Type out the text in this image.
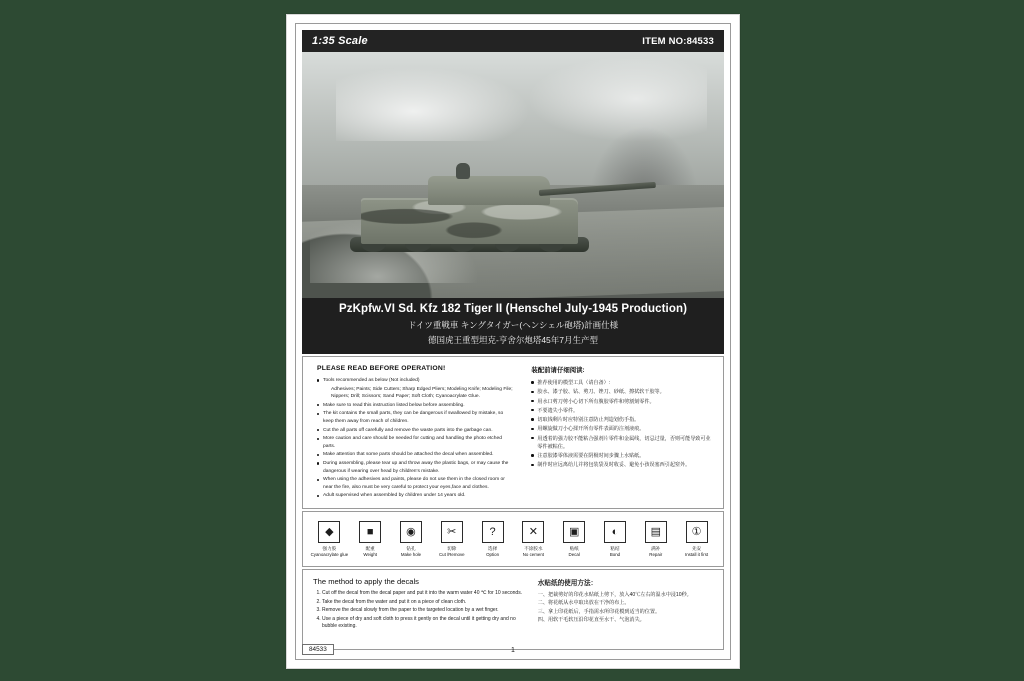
1:35 Scale	ITEM NO:84533
PzKpfw.VI Sd. Kfz 182 Tiger II (Henschel July-1945 Production)
ドイツ重戦車 キングタイガー(ヘンシェル砲塔)計画仕様
德国虎王重型坦克-亨舍尔炮塔45年7月生产型
PLEASE READ BEFORE OPERATION!
Tools recommended as below (Not included)
Adhesives; Paints; Side Cutters; Sharp Edged Pliers; Modeling Knife; Modeling File; Nippers; Drill; Scissors; Sand Paper; Soft Cloth; Cyanoacrylate Glue.
Make sure to read this instruction listed below before assembling.
The kit contains the small parts, they can be dangerous if swallowed by mistake, so keep them away from reach of children.
Cut the all parts off carefully and remove the waste parts into the garbage can.
More caution and care should be needed for cutting and handling the photo etched parts.
Make attention that some parts should be attached the decal when assembled.
During assembling, please tear up and throw away the plastic bags, or may cause the dangerous if wearing over head by children's mistake.
When using the adhesives and paints, please do not use them in the closed room or near the fire, also must be very careful to protect your eyes,face and clothes.
Adult supervised when assembled by children under 14 years old.

装配前请仔细阅读:

推荐使用的模型工具（请自备）:
胶水、漆子胶、钻、剪刀、锉刀、砂纸、擦拭软干胶等。
用水口剪刀剪小心切下所有腹胶零件和剪割刻零件。
不要遗失小零件。
切取钱剩片时应特别注意防止判造划伤手指。
用螺旋做刀小心揉开所有零件表面的注剂液痕。
用透着的强力胶不能粘合强剂片零件和金属线，切忌过量，否则可能导致可业零件被粘住。
注意胶漆零体液需要在阴极时间步骤上水贴纸。
制作时应远离给儿并将包装袋及时收妥、避免小孩误塞西引起窒外。
◆
强力胶
Cyanoacrylate glue
■
配重
Weight
◉
钻孔
Make hole
✂
切除
Cut /Remove
?
选择
Option
✕
不涂胶水
No cement
▣
贴纸
Decal
◐
粘结
Bond
▤
满补
Repair
①
先安
Install it first

The method to apply the decals

1. Cut off the decal from the decal paper and put it into the warm water 40 ℃ for 10 seconds.
2. Take the decal from the water and put it on a piece of clean cloth.
3. Remove the decal slowly from the paper to the targeted location by a wet finger.
4. Use a piece of dry and soft cloth to press it gently on the decal until it getting dry and no bubble existing.

水贴纸的使用方法：

一、把裁剪好的印花水贴纸上剪下，放入40℃左右的温水中浸10秒。
二、将花纸从水中取出放在干净的布上。
三、拿上印花纸后，手指需水所印花模到适当的位置。
四、用软干毛软压沿印花直至水干、气泡消失。
84533	1
